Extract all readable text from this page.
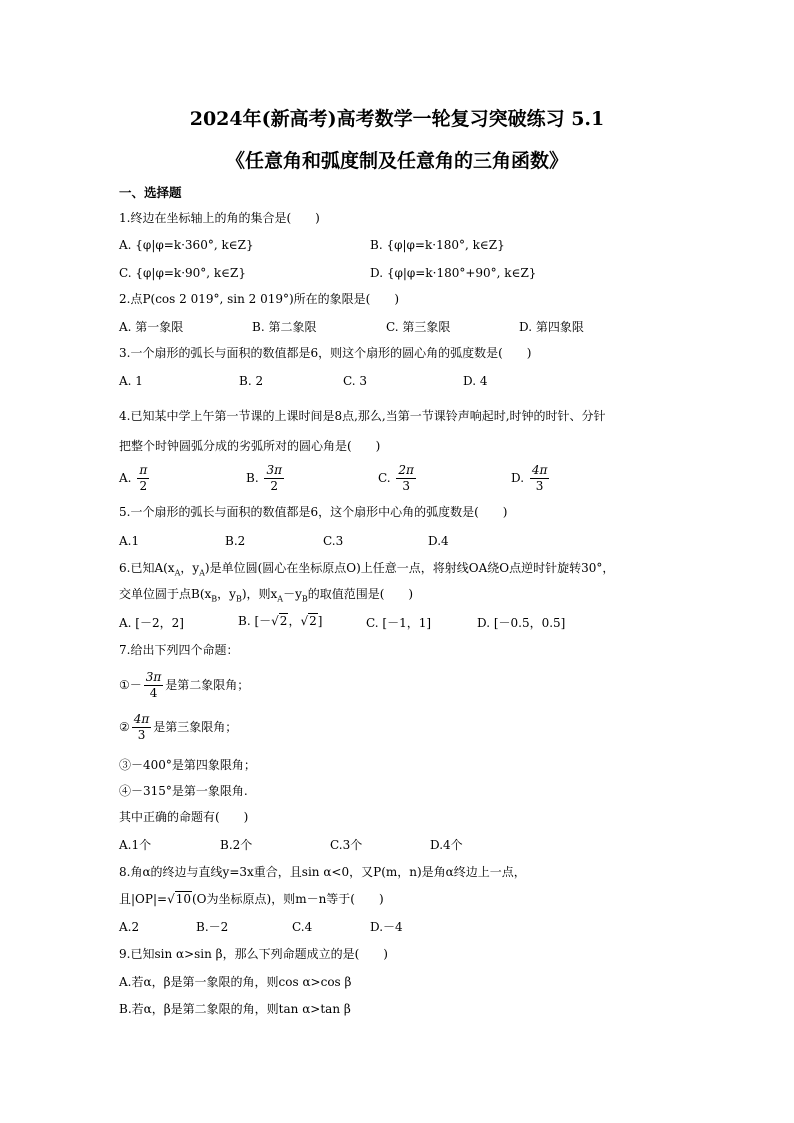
2024年(新高考)高考数学一轮复习突破练习 5.1
《任意角和弧度制及任意角的三角函数》
一、选择题
1.终边在坐标轴上的角的集合是(　　)
A. {φ|φ=k·360°, k∈Z}	B. {φ|φ=k·180°, k∈Z}
C. {φ|φ=k·90°, k∈Z}	D. {φ|φ=k·180°+90°, k∈Z}
2.点P(cos 2 019°, sin 2 019°)所在的象限是(　　)
A. 第一象限	B. 第二象限	C. 第三象限	D. 第四象限
3.一个扇形的弧长与面积的数值都是6，则这个扇形的圆心角的弧度数是(　　)
A. 1	B. 2	C. 3	D. 4
4.已知某中学上午第一节课的上课时间是8点,那么,当第一节课铃声响起时,时钟的时针、分针
把整个时钟圆弧分成的劣弧所对的圆心角是(　　)
A. $\frac{\pi}{2}$	B. $\frac{3\pi}{2}$	C. $\frac{2\pi}{3}$	D. $\frac{4\pi}{3}$
5.一个扇形的弧长与面积的数值都是6，这个扇形中心角的弧度数是(　　)
A.1	B.2	C.3	D.4
6.已知$A(x_A$，$y_A$)是单位圆(圆心在坐标原点O)上任意一点，将射线OA绕O点逆时针旋转30°，
交单位圆于点$B(x_B$，$y_B$)，则$x_A-y_B$的取值范围是(　　)
A. [－2，2]	B. [－√2，√2]	C. [－1，1]	D. [－0.5，0.5]
7.给出下列四个命题：
①－ $\frac{3\pi}{4}$ 是第二象限角；
② $\frac{4\pi}{3}$ 是第三象限角；
③－400°是第四象限角；
④－315°是第一象限角.
其中正确的命题有(　　)
A.1个	B.2个	C.3个	D.4个
8.角α的终边与直线y=3x重合，且sin α<0，又P(m，n)是角α终边上一点，
且|OP|=√10(O为坐标原点)，则m－n等于(　　)
A.2	B.－2	C.4	D.－4
9.已知sin α>sin β，那么下列命题成立的是(　　)
A.若α，β是第一象限的角，则cos α>cos β
B.若α，β是第二象限的角，则tan α>tan β
